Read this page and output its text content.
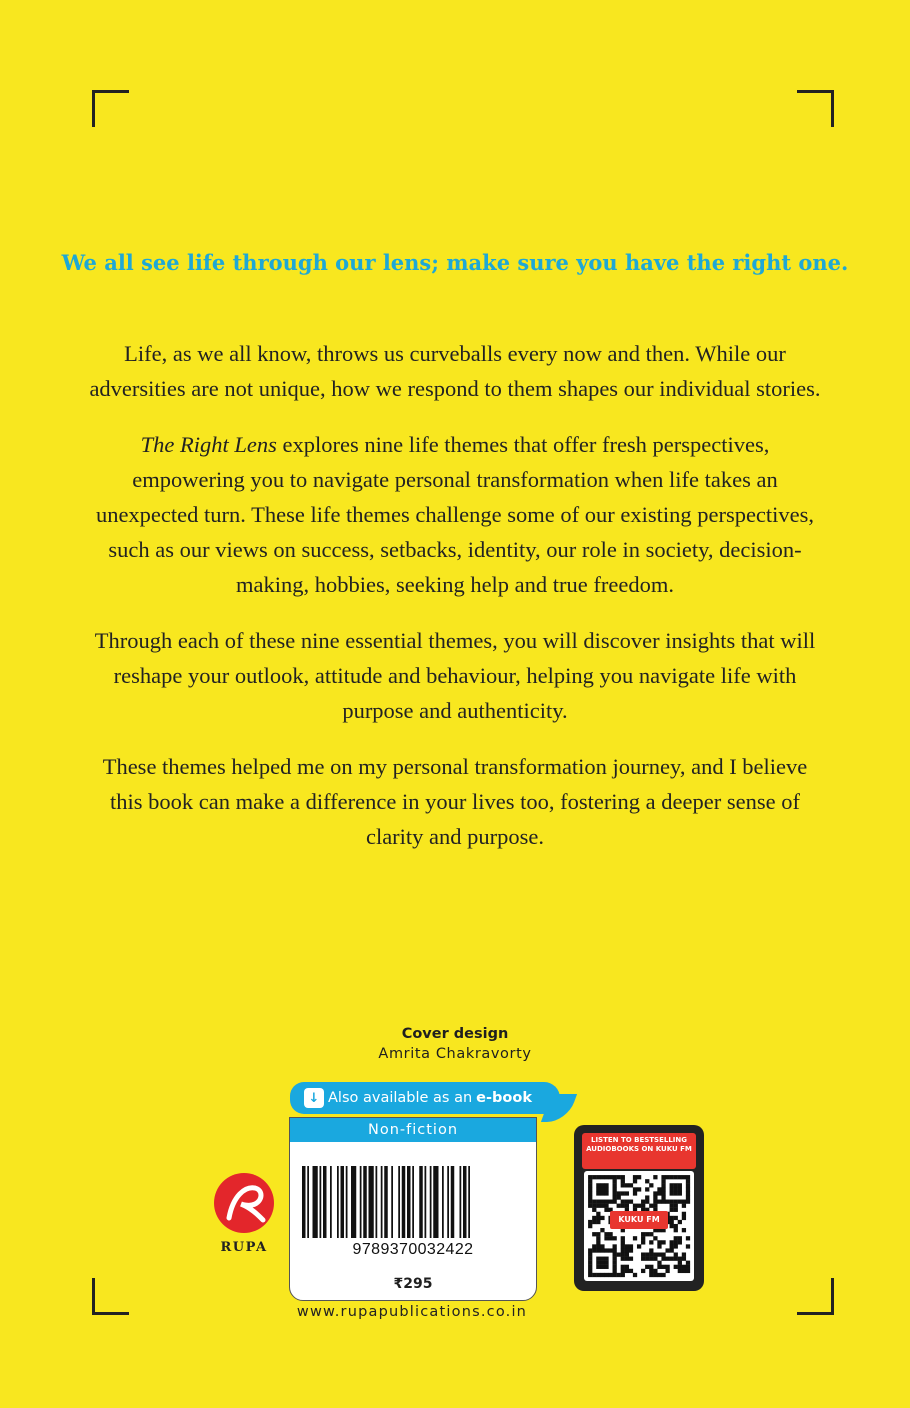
We all see life through our lens; make sure you have the right one.

Life, as we all know, throws us curveballs every now and then. While our adversities are not unique, how we respond to them shapes our individual stories.

The Right Lens explores nine life themes that offer fresh perspectives, empowering you to navigate personal transformation when life takes an unexpected turn. These life themes challenge some of our existing perspectives, such as our views on success, setbacks, identity, our role in society, decision-making, hobbies, seeking help and true freedom.

Through each of these nine essential themes, you will discover insights that will reshape your outlook, attitude and behaviour, helping you navigate life with purpose and authenticity.

These themes helped me on my personal transformation journey, and I believe this book can make a difference in your lives too, fostering a deeper sense of clarity and purpose.

Cover design
Amrita Chakravorty
↓ Also available as an e-book
Non-fiction
9789370032422
₹295
www.rupapublications.co.in
RUPA
LISTEN TO BESTSELLING AUDIOBOOKS ON KUKU FM
KUKU FM
